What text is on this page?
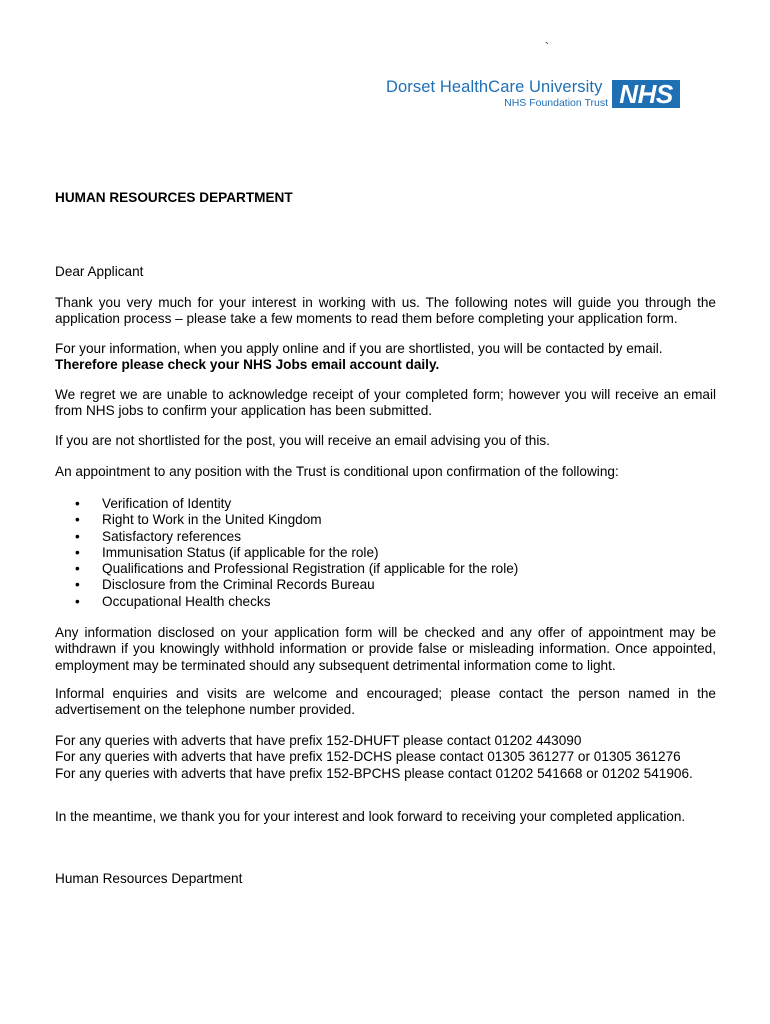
`
Dorset HealthCare University
NHS Foundation Trust NHS
HUMAN RESOURCES DEPARTMENT
Dear Applicant
Thank you very much for your interest in working with us. The following notes will guide you through the application process – please take a few moments to read them before completing your application form.
For your information, when you apply online and if you are shortlisted, you will be contacted by email.
Therefore please check your NHS Jobs email account daily.
We regret we are unable to acknowledge receipt of your completed form; however you will receive an email from NHS jobs to confirm your application has been submitted.
If you are not shortlisted for the post, you will receive an email advising you of this.
An appointment to any position with the Trust is conditional upon confirmation of the following:
• Verification of Identity
• Right to Work in the United Kingdom
• Satisfactory references
• Immunisation Status (if applicable for the role)
• Qualifications and Professional Registration (if applicable for the role)
• Disclosure from the Criminal Records Bureau
• Occupational Health checks
Any information disclosed on your application form will be checked and any offer of appointment may be withdrawn if you knowingly withhold information or provide false or misleading information. Once appointed, employment may be terminated should any subsequent detrimental information come to light.
Informal enquiries and visits are welcome and encouraged; please contact the person named in the advertisement on the telephone number provided.
For any queries with adverts that have prefix 152-DHUFT please contact 01202 443090
For any queries with adverts that have prefix 152-DCHS please contact 01305 361277 or 01305 361276
For any queries with adverts that have prefix 152-BPCHS please contact 01202 541668 or 01202 541906.
In the meantime, we thank you for your interest and look forward to receiving your completed application.
Human Resources Department
